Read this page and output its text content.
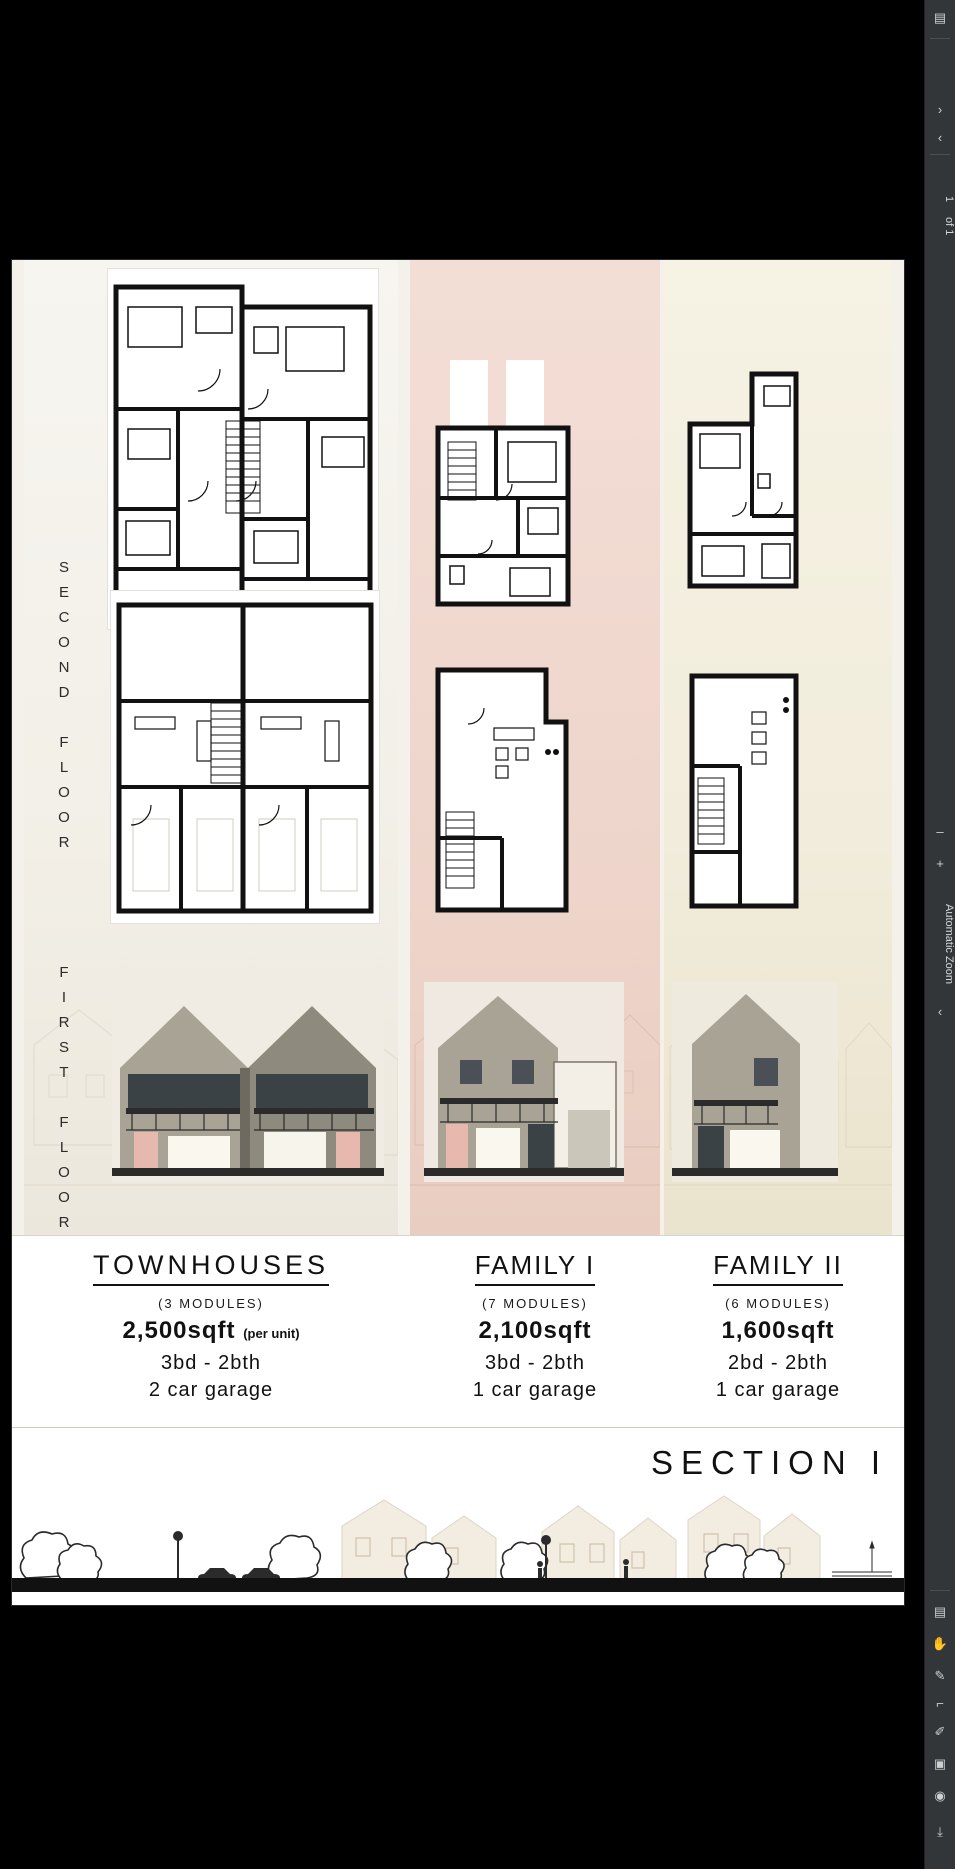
S
E
C
O
N
D

F
L
O
O
R
F
I
R
S
T

F
L
O
O
R
TOWNHOUSES
(3 MODULES)
2,500sqft (per unit)
3bd - 2bth
2 car garage
FAMILY I
(7 MODULES)
2,100sqft
3bd - 2bth
1 car garage
FAMILY II
(6 MODULES)
1,600sqft
2bd - 2bth
1 car garage
SECTION I
▤
›
‹
1
of 1
–
+
Automatic Zoom
‹
▤
✋
✎
⌐
✐
▣
◉
⤓
